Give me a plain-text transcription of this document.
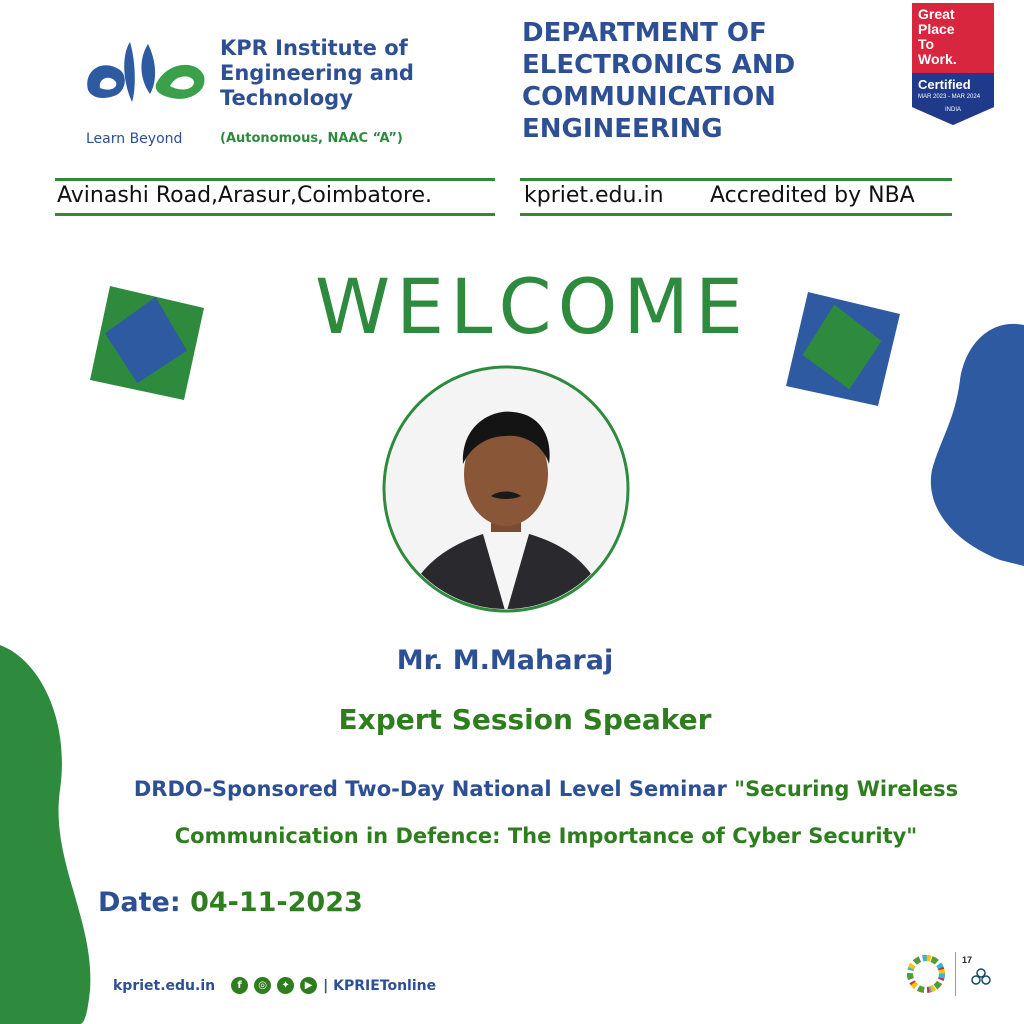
KPR Institute of
Engineering and
Technology
Learn Beyond	(Autonomous, NAAC “A”)
DEPARTMENT OF
ELECTRONICS AND
COMMUNICATION
ENGINEERING
Avinashi Road,Arasur,Coimbatore.	kpriet.edu.in Accredited by NBA
Great
Place
To
Work.
Certified
MAR 2023 - MAR 2024
INDIA
WELCOME
Mr. M.Maharaj
Expert Session Speaker
DRDO-Sponsored Two-Day National Level Seminar "Securing Wireless Communication in Defence: The Importance of Cyber Security"
Date: 04-11-2023
kpriet.edu.in	f	◎	✦	▶ | KPRIETonline
17
